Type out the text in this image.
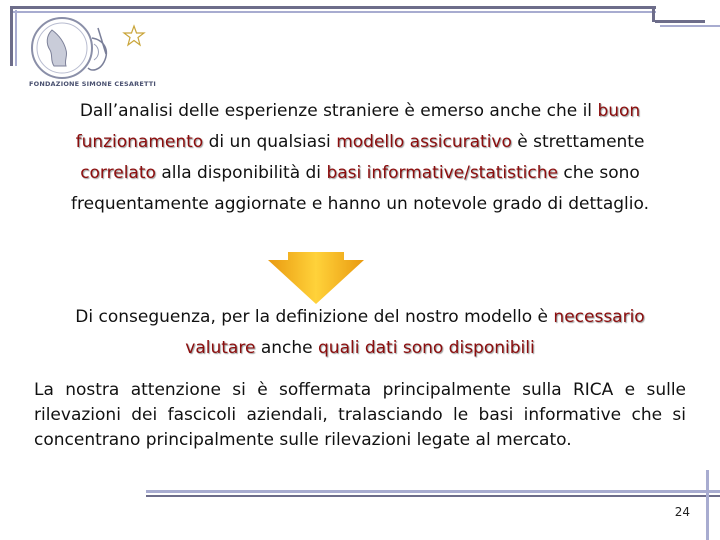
FONDAZIONE SIMONE CESARETTI
Dall’analisi delle esperienze straniere è emerso anche che il buon funzionamento di un qualsiasi modello assicurativo è strettamente correlato alla disponibilità di basi informative/statistiche che sono frequentamente aggiornate e hanno un notevole grado di dettaglio.
Di conseguenza, per la definizione del nostro modello è necessario valutare anche quali dati sono disponibili
La nostra attenzione si è soffermata principalmente sulla RICA e sulle rilevazioni dei fascicoli aziendali, tralasciando le basi informative che si concentrano principalmente sulle rilevazioni legate al mercato.
24
